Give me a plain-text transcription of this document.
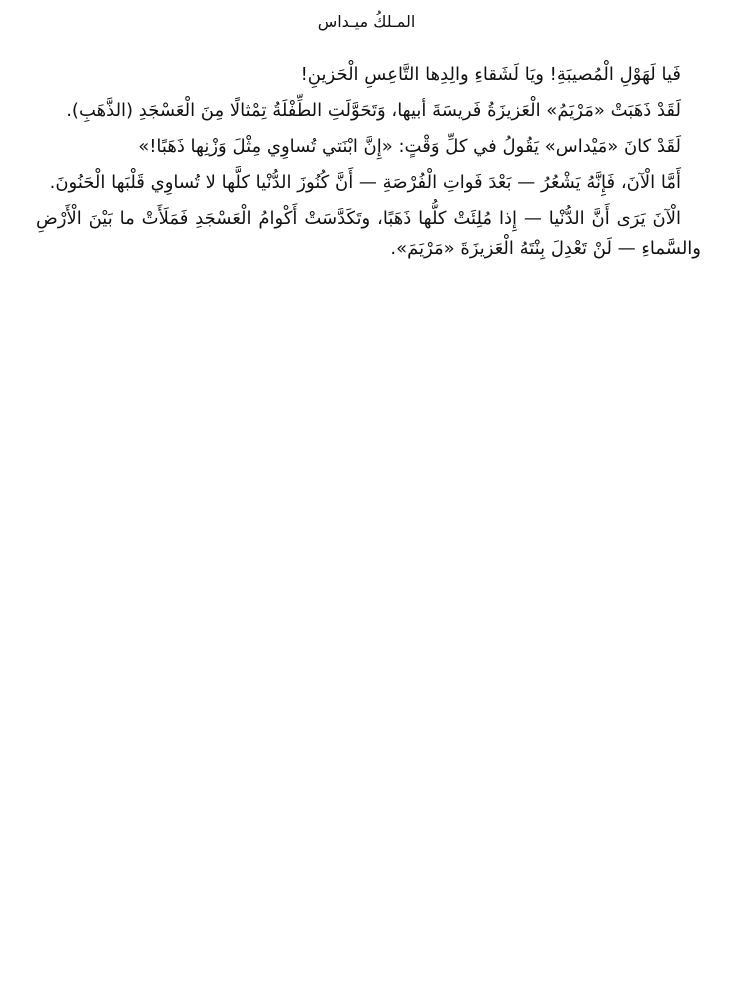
المـلكُ ميـداس

فَيا لَهَوْلِ الْمُصيبَةِ! ويَا لَشَقاءِ والِدِها التَّاعِسِ الْحَزينِ!

لَقَدْ ذَهَبَتْ «مَرْيَمُ» الْعَزيزَةُ فَريسَةَ أبيها، وَتَحَوَّلَتِ الطِّفْلَةُ تِمْثالًا مِنَ الْعَسْجَدِ (الذَّهَبِ).

لَقَدْ كانَ «مَيْداس» يَقُولُ في كلِّ وَقْتٍ: «إِنَّ ابْنَتي تُساوِي مِثْلَ وَزْنِها ذَهَبًا!»

أَمَّا الْآنَ، فَإِنَّهُ يَشْعُرُ — بَعْدَ فَواتِ الْفُرْصَةِ — أَنَّ كُنُوزَ الدُّنْيا كلَّها لا تُساوِي قَلْبَها الْحَنُونَ.

الْآنَ يَرَى أَنَّ الدُّنْيا — إِذا مُلِئَتْ كلُّها ذَهَبًا، وتَكَدَّسَتْ أَكْوامُ الْعَسْجَدِ فَمَلَأَتْ ما بَيْنَ الْأَرْضِ والسَّماءِ — لَنْ تَعْدِلَ بِنْتَهُ الْعَزيزَةَ «مَرْيَمَ».
